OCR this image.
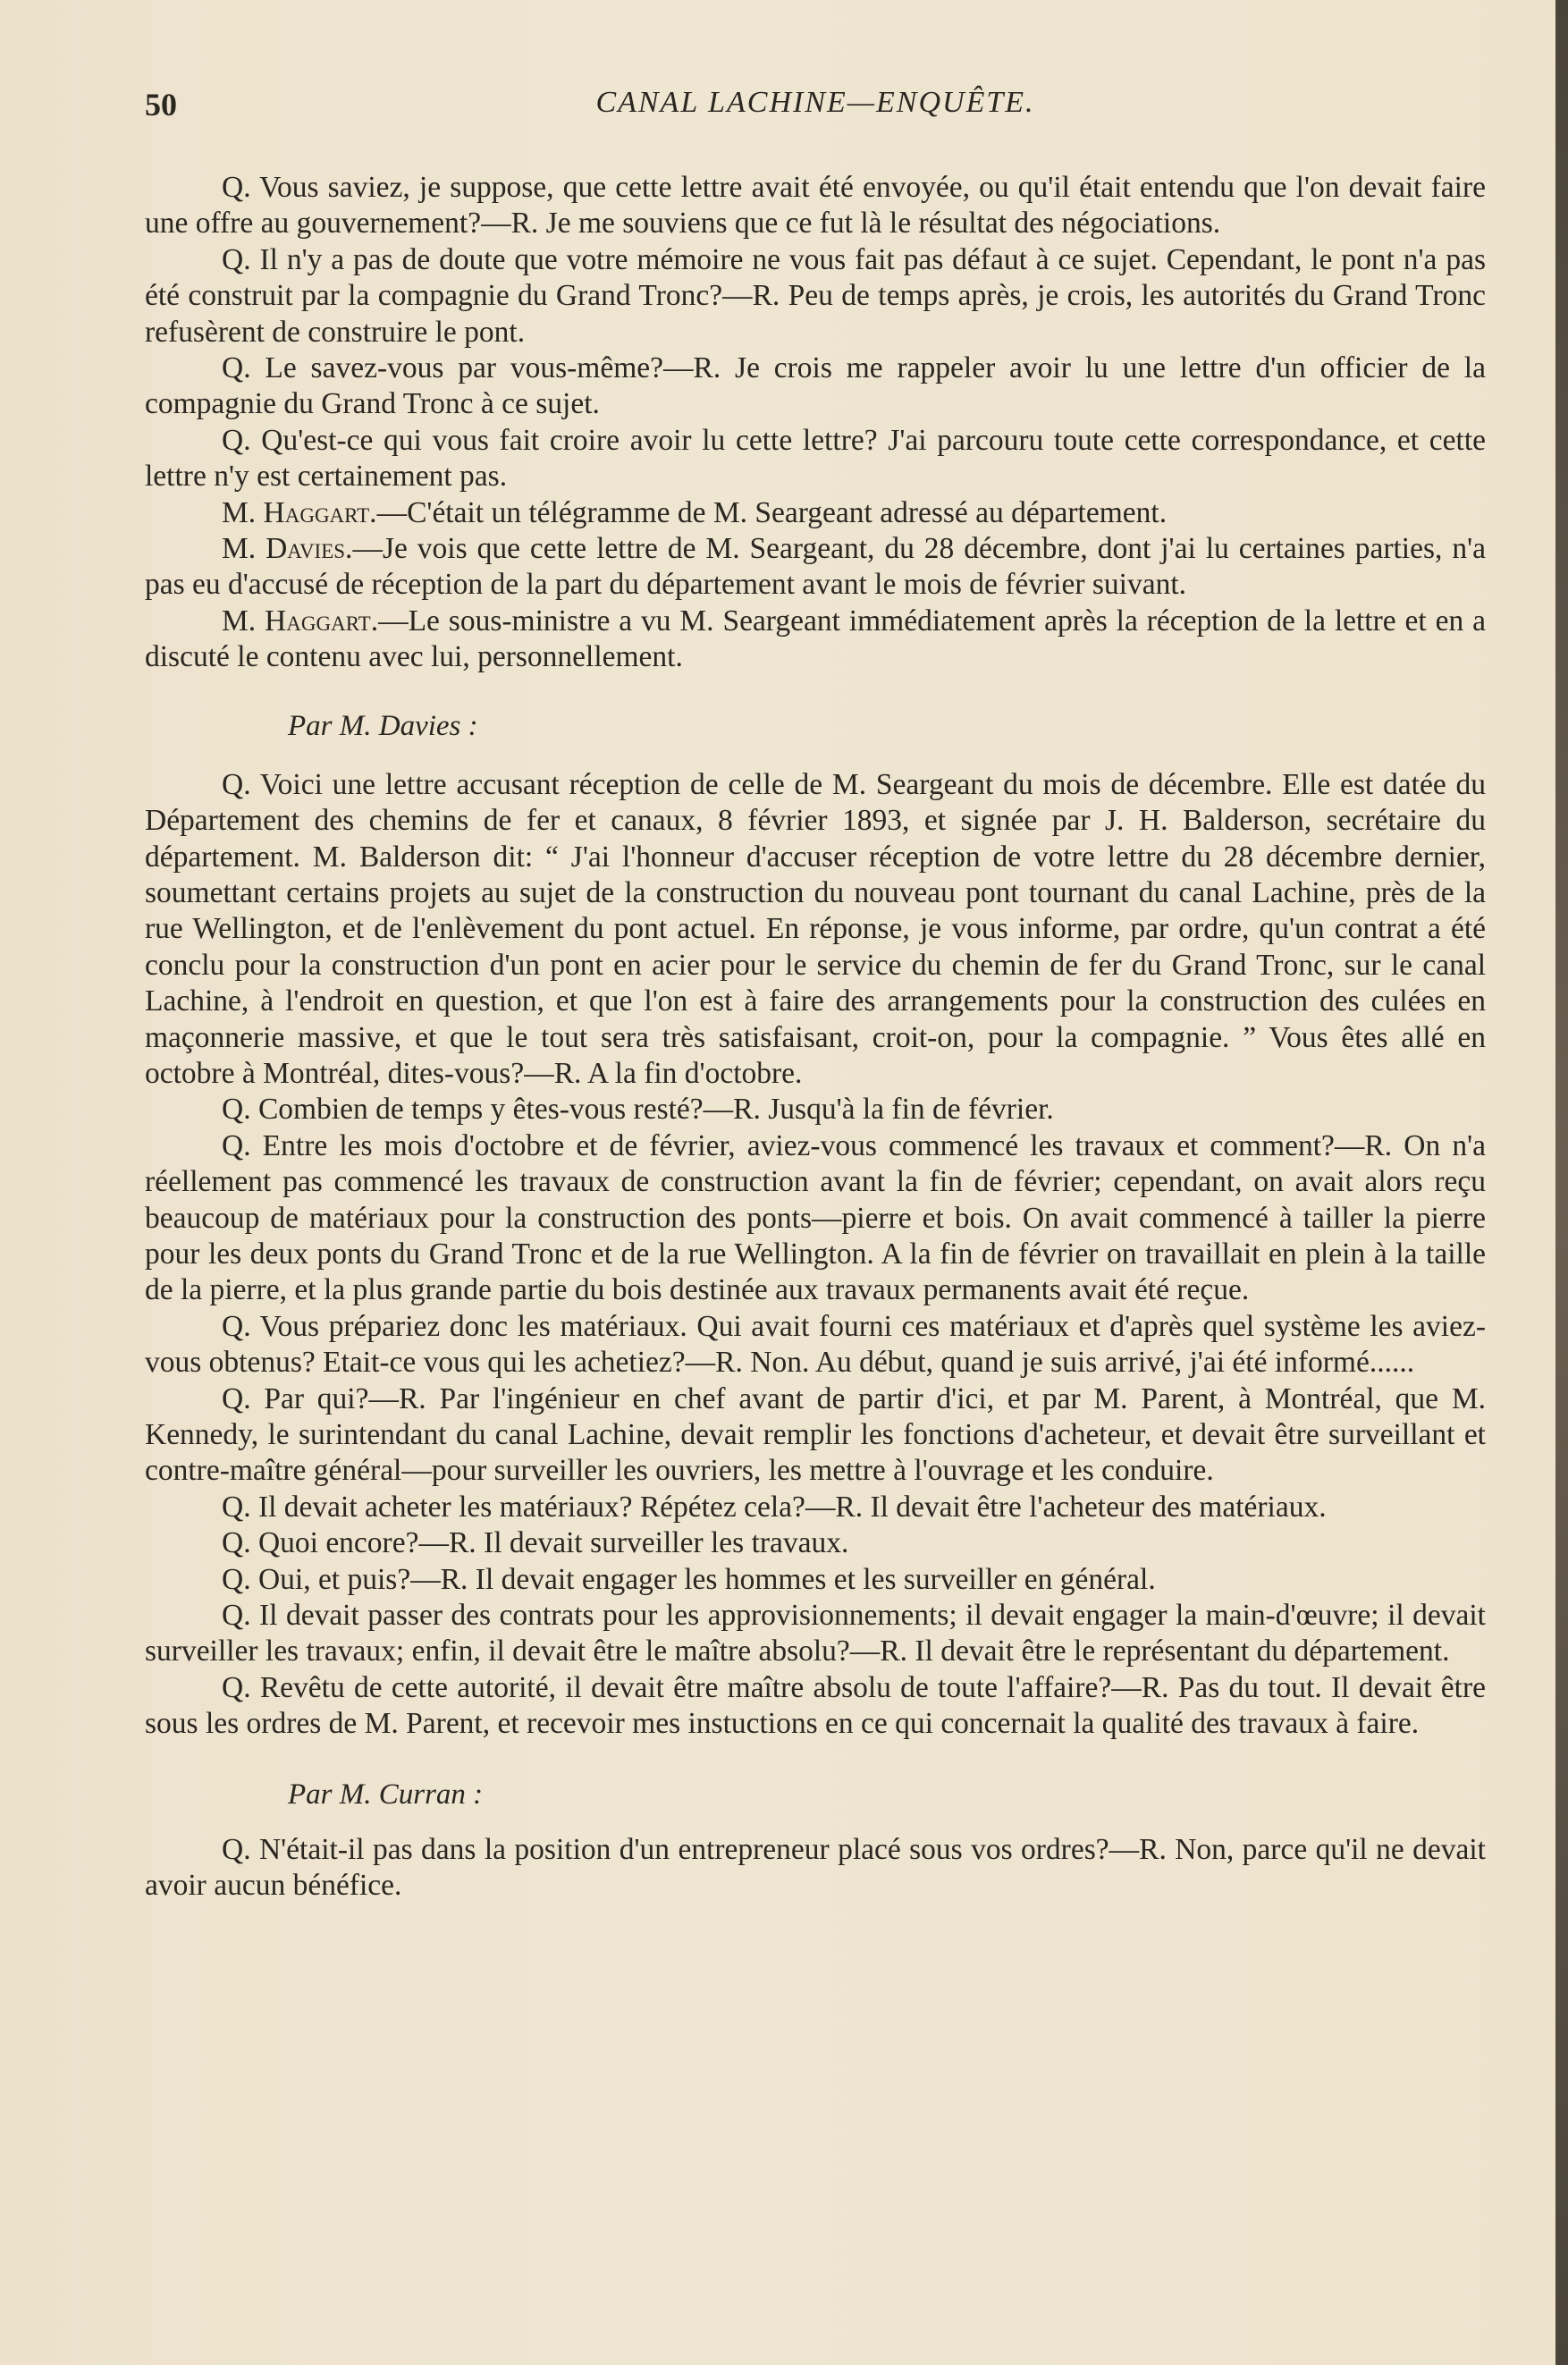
50	CANAL LACHINE—ENQUÊTE.

Q. Vous saviez, je suppose, que cette lettre avait été envoyée, ou qu'il était entendu que l'on devait faire une offre au gouvernement?—R. Je me souviens que ce fut là le résultat des négociations.

Q. Il n'y a pas de doute que votre mémoire ne vous fait pas défaut à ce sujet. Cependant, le pont n'a pas été construit par la compagnie du Grand Tronc?—R. Peu de temps après, je crois, les autorités du Grand Tronc refusèrent de construire le pont.

Q. Le savez-vous par vous-même?—R. Je crois me rappeler avoir lu une lettre d'un officier de la compagnie du Grand Tronc à ce sujet.

Q. Qu'est-ce qui vous fait croire avoir lu cette lettre? J'ai parcouru toute cette correspondance, et cette lettre n'y est certainement pas.

M. Haggart.—C'était un télégramme de M. Seargeant adressé au département.

M. Davies.—Je vois que cette lettre de M. Seargeant, du 28 décembre, dont j'ai lu certaines parties, n'a pas eu d'accusé de réception de la part du département avant le mois de février suivant.

M. Haggart.—Le sous-ministre a vu M. Seargeant immédiatement après la réception de la lettre et en a discuté le contenu avec lui, personnellement.

Par M. Davies :

Q. Voici une lettre accusant réception de celle de M. Seargeant du mois de décembre. Elle est datée du Département des chemins de fer et canaux, 8 février 1893, et signée par J. H. Balderson, secrétaire du département. M. Balderson dit: “ J'ai l'honneur d'accuser réception de votre lettre du 28 décembre dernier, soumettant certains projets au sujet de la construction du nouveau pont tournant du canal Lachine, près de la rue Wellington, et de l'enlèvement du pont actuel. En réponse, je vous informe, par ordre, qu'un contrat a été conclu pour la construction d'un pont en acier pour le service du chemin de fer du Grand Tronc, sur le canal Lachine, à l'endroit en question, et que l'on est à faire des arrangements pour la construction des culées en maçonnerie massive, et que le tout sera très satisfaisant, croit-on, pour la compagnie. ” Vous êtes allé en octobre à Montréal, dites-vous?—R. A la fin d'octobre.

Q. Combien de temps y êtes-vous resté?—R. Jusqu'à la fin de février.

Q. Entre les mois d'octobre et de février, aviez-vous commencé les travaux et comment?—R. On n'a réellement pas commencé les travaux de construction avant la fin de février; cependant, on avait alors reçu beaucoup de matériaux pour la construction des ponts—pierre et bois. On avait commencé à tailler la pierre pour les deux ponts du Grand Tronc et de la rue Wellington. A la fin de février on travaillait en plein à la taille de la pierre, et la plus grande partie du bois destinée aux travaux permanents avait été reçue.

Q. Vous prépariez donc les matériaux. Qui avait fourni ces matériaux et d'après quel système les aviez-vous obtenus? Etait-ce vous qui les achetiez?—R. Non. Au début, quand je suis arrivé, j'ai été informé......

Q. Par qui?—R. Par l'ingénieur en chef avant de partir d'ici, et par M. Parent, à Montréal, que M. Kennedy, le surintendant du canal Lachine, devait remplir les fonctions d'acheteur, et devait être surveillant et contre-maître général—pour surveiller les ouvriers, les mettre à l'ouvrage et les conduire.

Q. Il devait acheter les matériaux? Répétez cela?—R. Il devait être l'acheteur des matériaux.

Q. Quoi encore?—R. Il devait surveiller les travaux.

Q. Oui, et puis?—R. Il devait engager les hommes et les surveiller en général.

Q. Il devait passer des contrats pour les approvisionnements; il devait engager la main-d'œuvre; il devait surveiller les travaux; enfin, il devait être le maître absolu?—R. Il devait être le représentant du département.

Q. Revêtu de cette autorité, il devait être maître absolu de toute l'affaire?—R. Pas du tout. Il devait être sous les ordres de M. Parent, et recevoir mes instuctions en ce qui concernait la qualité des travaux à faire.

Par M. Curran :

Q. N'était-il pas dans la position d'un entrepreneur placé sous vos ordres?—R. Non, parce qu'il ne devait avoir aucun bénéfice.
